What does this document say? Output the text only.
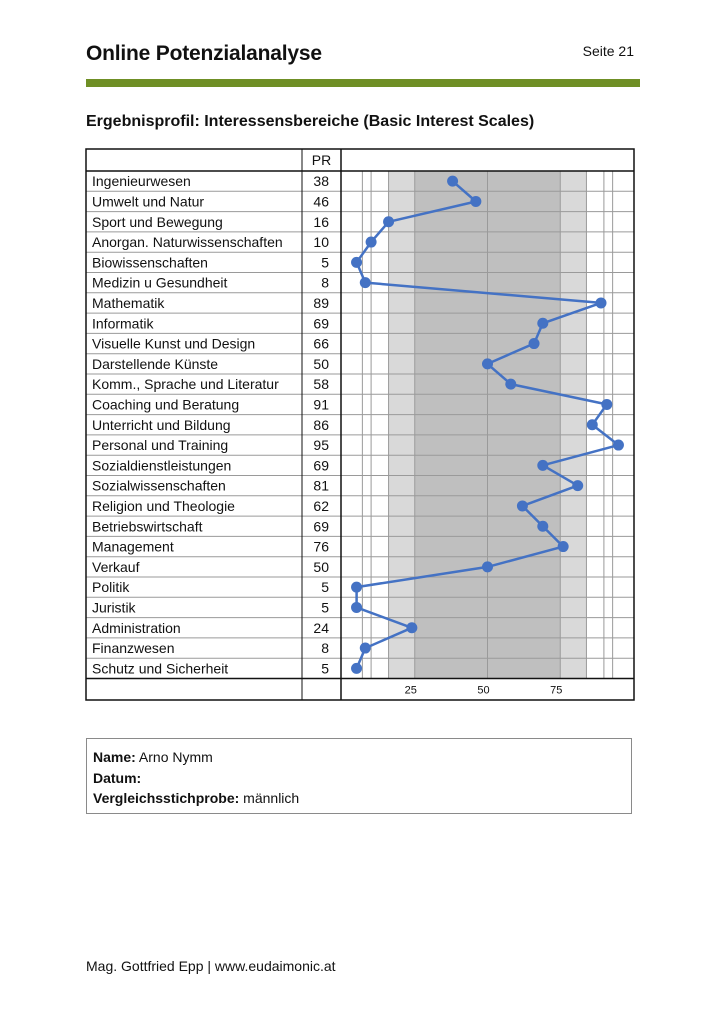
Online Potenzialanalyse	Seite 21
Ergebnisprofil: Interessensbereiche (Basic Interest Scales)
PR
Ingenieurwesen	38
Umwelt und Natur	46
Sport und Bewegung	16
Anorgan. Naturwissenschaften 10
Biowissenschaften	5
Medizin u Gesundheit	8
Mathematik	89
Informatik	69
Visuelle Kunst und Design	66
Darstellende Künste	50
Komm., Sprache und Literatur 58
Coaching und Beratung	91
Unterricht und Bildung	86
Personal und Training	95
Sozialdienstleistungen	69
Sozialwissenschaften	81
Religion und Theologie	62
Betriebswirtschaft	69
Management	76
Verkauf	50
Politik	5
Juristik	5
Administration	24
Finanzwesen	8
Schutz und Sicherheit	5
25	50	75
Name: Arno Nymm
Datum:
Vergleichsstichprobe: männlich
Mag. Gottfried Epp | www.eudaimonic.at
